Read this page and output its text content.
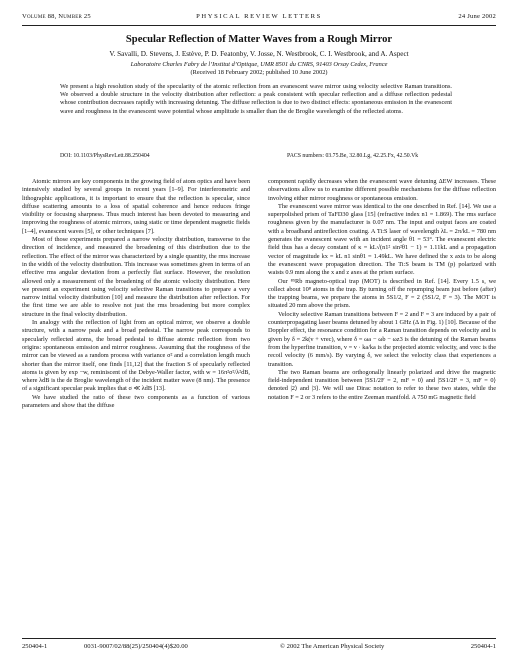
Volume 88, Number 25	PHYSICAL REVIEW LETTERS	24 June 2002
Specular Reflection of Matter Waves from a Rough Mirror
V. Savalli, D. Stevens, J. Estève, P. D. Featonby, V. Josse, N. Westbrook, C. I. Westbrook, and A. Aspect
Laboratoire Charles Fabry de l’Institut d’Optique, UMR 8501 du CNRS, 91403 Orsay Cedex, France
(Received 18 February 2002; published 10 June 2002)
We present a high resolution study of the specularity of the atomic reflection from an evanescent wave mirror using velocity selective Raman transitions. We observed a double structure in the velocity distribution after reflection: a peak consistent with specular reflection and a diffuse reflection pedestal whose contribution decreases rapidly with increasing detuning. The diffuse reflection is due to two distinct effects: spontaneous emission in the evanescent wave and roughness in the evanescent wave potential whose amplitude is smaller than the de Broglie wavelength of the reflected atoms.
DOI: 10.1103/PhysRevLett.88.250404	PACS numbers: 03.75.Be, 32.80.Lg, 42.25.Fx, 42.50.Vk

Atomic mirrors are key components in the growing field of atom optics and have been intensively studied by several groups in recent years [1–9]. For interferometric and lithographic applications, it is important to ensure that the reflection is specular, since diffuse scattering amounts to a loss of spatial coherence and hence reduces fringe visibility or focusing sharpness. Thus much interest has been devoted to measuring and improving the roughness of atomic mirrors, using static or time dependent magnetic fields [1–4], evanescent waves [5], or other techniques [7].

Most of those experiments prepared a narrow velocity distribution, transverse to the direction of incidence, and measured the broadening of this distribution due to the reflection. The effect of the mirror was characterized by a single quantity, the rms increase in the width of the velocity distribution. This increase was sometimes given in terms of an effective rms angular deviation from a perfectly flat surface. However, the resolution allowed only a measurement of the broadening of the atomic velocity distribution. Here we present an experiment using velocity selective Raman transitions to prepare a very narrow initial velocity distribution [10] and measure the distribution after reflection. For the first time we are able to resolve not just the rms broadening but more complex structure in the final velocity distribution.

In analogy with the reflection of light from an optical mirror, we observe a double structure, with a narrow peak and a broad pedestal. The narrow peak corresponds to specularly reflected atoms, the broad pedestal to diffuse atomic reflection from two origins: spontaneous emission and mirror roughness. Assuming that the roughness of the mirror can be viewed as a random process with variance σ² and a correlation length much shorter than the mirror itself, one finds [11,12] that the fraction S of specularly reflected atoms is given by exp −w, reminiscent of the Debye-Waller factor, with w = 16π²σ²/λ²dB, where λdB is the de Broglie wavelength of the incident matter wave (8 nm). The presence of a significant specular peak implies that σ ≪ λdB [13].

We have studied the ratio of these two components as a function of various parameters and show that the diffuse

component rapidly decreases when the evanescent wave detuning ΔEW increases. These observations allow us to examine different possible mechanisms for the diffuse reflection involving either mirror roughness or spontaneous emission.

The evanescent wave mirror was identical to the one described in Ref. [14]. We use a superpolished prism of TaFD30 glass [15] (refractive index n1 = 1.869). The rms surface roughness given by the manufacturer is 0.07 nm. The input and output faces are coated with a broadband antireflection coating. A Ti:S laser of wavelength λL = 2π/kL = 780 nm generates the evanescent wave with an incident angle θ1 = 53°. The evanescent electric field thus has a decay constant of κ = kL√(n1² sin²θ1 − 1) = 1.11kL and a propagation vector of magnitude kx = kL n1 sinθ1 = 1.49kL. We have defined the x axis to be along the evanescent wave propagation direction. The Ti:S beam is TM (p) polarized with waists 0.9 mm along the x and z axes at the prism surface.

Our ⁸⁵Rb magneto-optical trap (MOT) is described in Ref. [14]. Every 1.5 s, we collect about 10⁸ atoms in the trap. By turning off the repumping beam just before (after) the trapping beams, we prepare the atoms in 5S1/2, F = 2 (5S1/2, F = 3). The MOT is situated 20 mm above the prism.

Velocity selective Raman transitions between F = 2 and F = 3 are induced by a pair of counterpropagating laser beams detuned by about 1 GHz (Δ in Fig. 1) [10]. Because of the Doppler effect, the resonance condition for a Raman transition depends on velocity and is given by δ = 2k(v + vrec), where δ = ωa − ωb − ωz3 is the detuning of the Raman beams from the hyperfine transition, v = v · ka/ka is the projected atomic velocity, and vrec is the recoil velocity (6 mm/s). By varying δ, we select the velocity class that experiences a transition.

The two Raman beams are orthogonally linearly polarized and drive the magnetic field-independent transition between |5S1/2F = 2, mF = 0⟩ and |5S1/2F = 3, mF = 0⟩ denoted |2⟩ and |3⟩. We will use Dirac notation to refer to these two states, while the notation F = 2 or 3 refers to the entire Zeeman manifold. A 750 mG magnetic field

250404-1	0031-9007/02/88(25)/250404(4)$20.00	© 2002 The American Physical Society	250404-1
